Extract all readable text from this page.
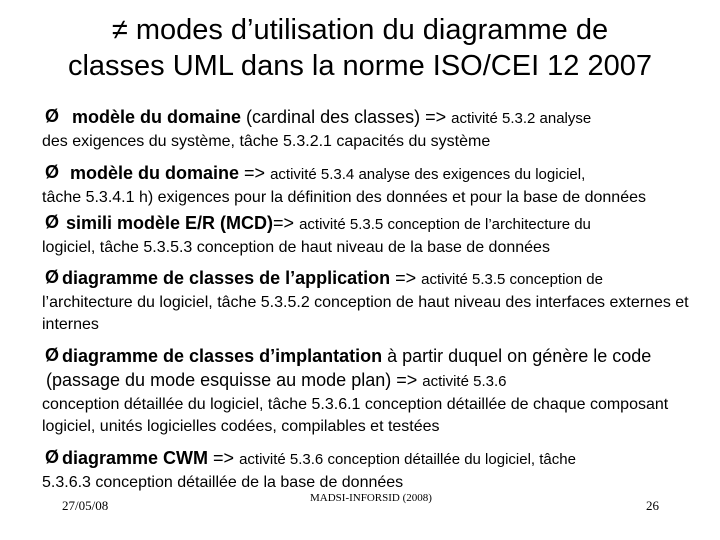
≠ modes d’utilisation du diagramme de
classes UML dans la norme ISO/CEI 12 2007
Ø modèle du domaine (cardinal des classes) => activité 5.3.2 analyse
des exigences du système, tâche 5.3.2.1 capacités du système
Ø modèle du domaine => activité 5.3.4 analyse des exigences du logiciel,
tâche 5.3.4.1 h) exigences pour la définition des données et pour la base de données
Ø simili modèle E/R (MCD)=> activité 5.3.5 conception de l’architecture du
logiciel, tâche 5.3.5.3 conception de haut niveau de la base de données
Ø diagramme de classes de l’application => activité 5.3.5 conception de
l’architecture du logiciel, tâche 5.3.5.2 conception de haut niveau des interfaces externes et internes
Ø diagramme de classes d’implantation à partir duquel on génère le code (passage du mode esquisse au mode plan) => activité 5.3.6
conception détaillée du logiciel, tâche 5.3.6.1 conception détaillée de chaque composant logiciel, unités logicielles codées, compilables et testées
Ø diagramme CWM => activité 5.3.6 conception détaillée du logiciel, tâche
5.3.6.3 conception détaillée de la base de données
27/05/08	MADSI-INFORSID (2008)	26
